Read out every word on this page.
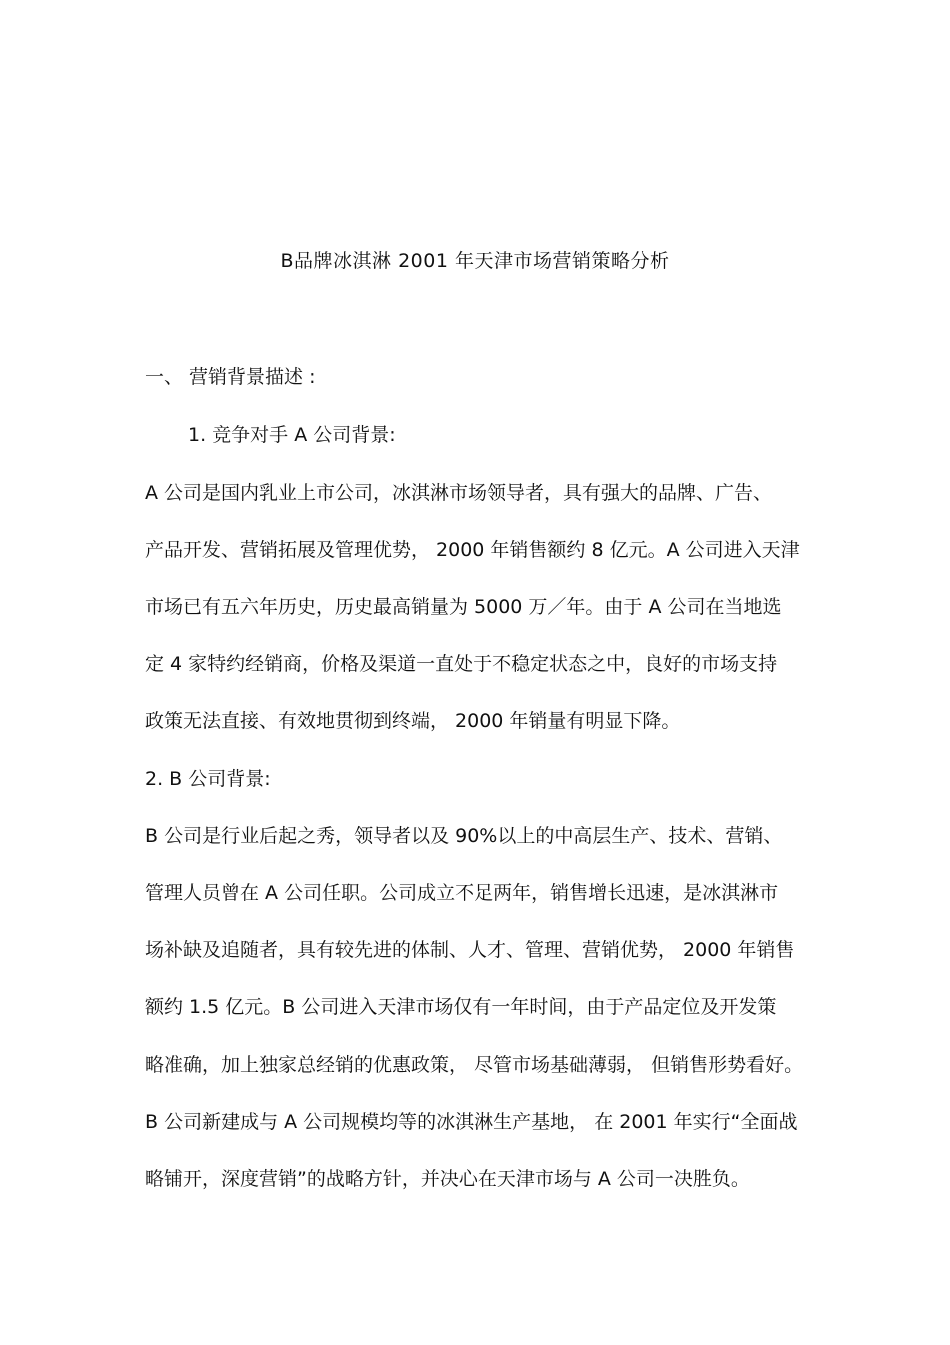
B品牌冰淇淋 2001 年天津市场营销策略分析
一、 营销背景描述 :
1. 竞争对手 A 公司背景:
A 公司是国内乳业上市公司，冰淇淋市场领导者，具有强大的品牌、广告、
产品开发、营销拓展及管理优势， 2000 年销售额约 8 亿元。A 公司进入天津
市场已有五六年历史，历史最高销量为 5000 万／年。由于 A 公司在当地选
定 4 家特约经销商，价格及渠道一直处于不稳定状态之中，良好的市场支持
政策无法直接、有效地贯彻到终端， 2000 年销量有明显下降。
2. B 公司背景:
B 公司是行业后起之秀，领导者以及 90%以上的中高层生产、技术、营销、
管理人员曾在 A 公司任职。公司成立不足两年，销售增长迅速，是冰淇淋市
场补缺及追随者，具有较先进的体制、人才、管理、营销优势， 2000 年销售
额约 1.5 亿元。B 公司进入天津市场仅有一年时间，由于产品定位及开发策
略准确，加上独家总经销的优惠政策， 尽管市场基础薄弱， 但销售形势看好。
B 公司新建成与 A 公司规模均等的冰淇淋生产基地， 在 2001 年实行“全面战
略铺开，深度营销”的战略方针，并决心在天津市场与 A 公司一决胜负。
